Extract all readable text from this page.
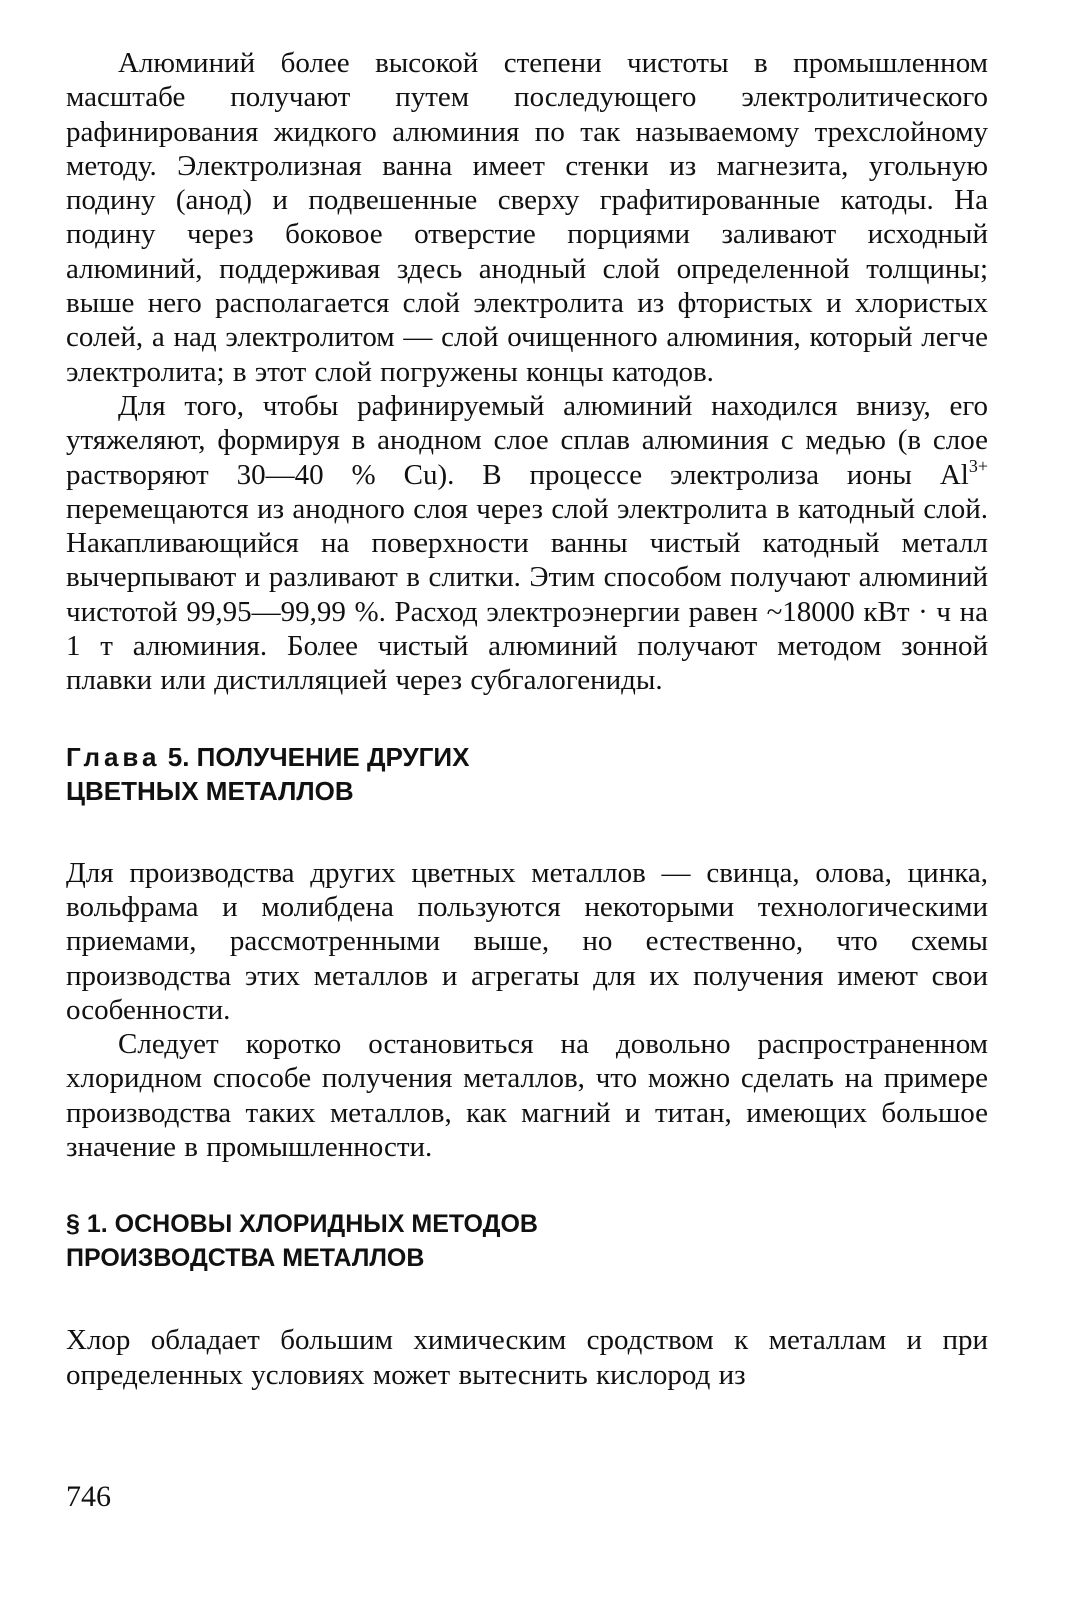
Алюминий более высокой степени чистоты в промышленном масштабе получают путем последующего электролитического рафинирования жидкого алюминия по так называемому трехслойному методу. Электролизная ванна имеет стенки из магнезита, угольную подину (анод) и подвешенные сверху графитированные катоды. На подину через боковое отверстие порциями заливают исходный алюминий, поддерживая здесь анодный слой определенной толщины; выше него располагается слой электролита из фтористых и хлористых солей, а над электролитом — слой очищенного алюминия, который легче электролита; в этот слой погружены концы катодов.

Для того, чтобы рафинируемый алюминий находился внизу, его утяжеляют, формируя в анодном слое сплав алюминия с медью (в слое растворяют 30—40 % Cu). В процессе электролиза ионы $Al^{3+}$ перемещаются из анодного слоя через слой электролита в катодный слой. Накапливающийся на поверхности ванны чистый катодный металл вычерпывают и разливают в слитки. Этим способом получают алюминий чистотой 99,95—99,99 %. Расход электроэнергии равен ~18000 кВт · ч на 1 т алюминия. Более чистый алюминий получают методом зонной плавки или дистилляцией через субгалогениды.

Глава 5. ПОЛУЧЕНИЕ ДРУГИХ
ЦВЕТНЫХ МЕТАЛЛОВ

Для производства других цветных металлов — свинца, олова, цинка, вольфрама и молибдена пользуются некоторыми технологическими приемами, рассмотренными выше, но естественно, что схемы производства этих металлов и агрегаты для их получения имеют свои особенности.

Следует коротко остановиться на довольно распространенном хлоридном способе получения металлов, что можно сделать на примере производства таких металлов, как магний и титан, имеющих большое значение в промышленности.

§ 1. ОСНОВЫ ХЛОРИДНЫХ МЕТОДОВ
ПРОИЗВОДСТВА МЕТАЛЛОВ

Хлор обладает большим химическим сродством к металлам и при определенных условиях может вытеснить кислород из

746
